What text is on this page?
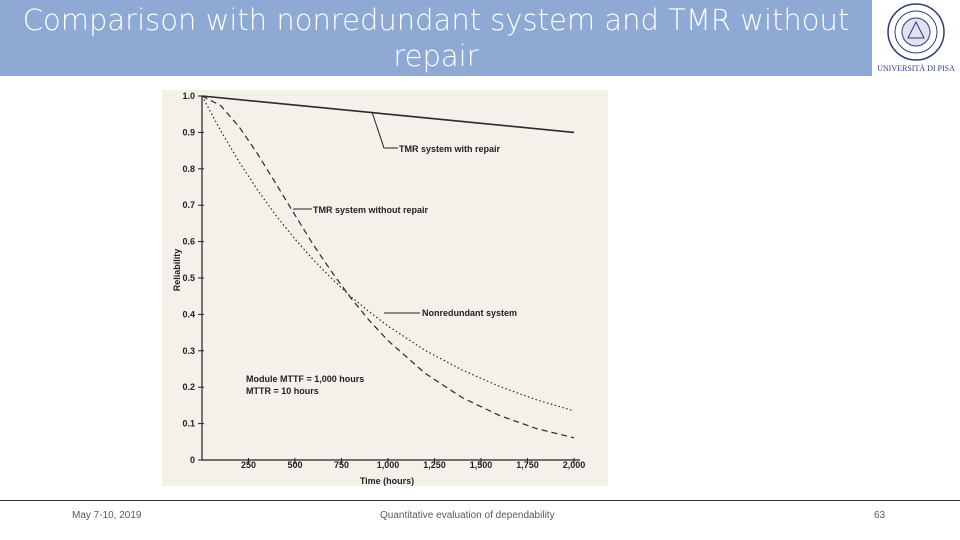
Comparison with nonredundant system and TMR without repair	UNIVERSITÀ DI PISA
0
0.1
0.2
0.3
0.4
0.5
0.6
0.7
0.8
0.9
1.0
250	500	750	1,000	1,250	1,500	1,750	2,000
Time (hours)
Reliability
TMR system with repair
TMR system without repair
Nonredundant system
Module MTTF = 1,000 hours
MTTR = 10 hours
May 7-10, 2019	Quantitative evaluation of dependability	63
